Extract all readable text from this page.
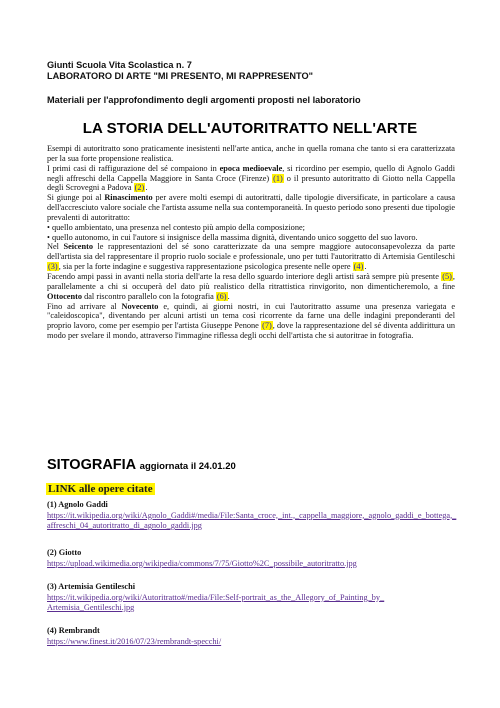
Giunti Scuola Vita Scolastica n. 7
LABORATORO DI ARTE "MI PRESENTO, MI RAPPRESENTO"
Materiali per l'approfondimento degli argomenti proposti nel laboratorio
LA STORIA DELL'AUTORITRATTO NELL'ARTE

Esempi di autoritratto sono praticamente inesistenti nell'arte antica, anche in quella romana che tanto si era caratterizzata per la sua forte propensione realistica.

I primi casi di raffigurazione del sé compaiono in epoca medioevale, si ricordino per esempio, quello di Agnolo Gaddi negli affreschi della Cappella Maggiore in Santa Croce (Firenze) (1) o il presunto autoritratto di Giotto nella Cappella degli Scrovegni a Padova (2).

Si giunge poi al Rinascimento per avere molti esempi di autoritratti, dalle tipologie diversificate, in particolare a causa dell'accresciuto valore sociale che l'artista assume nella sua contemporaneità. In questo periodo sono presenti due tipologie prevalenti di autoritratto:

• quello ambientato, una presenza nel contesto più ampio della composizione;

• quello autonomo, in cui l'autore si insignisce della massima dignità, diventando unico soggetto del suo lavoro.

Nel Seicento le rappresentazioni del sé sono caratterizzate da una sempre maggiore autoconsapevolezza da parte dell'artista sia del rappresentare il proprio ruolo sociale e professionale, uno per tutti l'autoritratto di Artemisia Gentileschi (3), sia per la forte indagine e suggestiva rappresentazione psicologica presente nelle opere (4).

Facendo ampi passi in avanti nella storia dell'arte la resa dello sguardo interiore degli artisti sarà sempre più presente (5), parallelamente a chi si occuperà del dato più realistico della ritrattistica rinvigorito, non dimenticheremolo, a fine Ottocento dal riscontro parallelo con la fotografia (6).

Fino ad arrivare al Novecento e, quindi, ai giorni nostri, in cui l'autoritratto assume una presenza variegata e "caleidoscopica", diventando per alcuni artisti un tema così ricorrente da farne una delle indagini preponderanti del proprio lavoro, come per esempio per l'artista Giuseppe Penone (7), dove la rappresentazione del sé diventa addirittura un modo per svelare il mondo, attraverso l'immagine riflessa degli occhi dell'artista che si autoritrae in fotografia.

SITOGRAFIA aggiornata il 24.01.20
LINK alle opere citate
(1) Agnolo Gaddi
https://it.wikipedia.org/wiki/Agnolo_Gaddi#/media/File:Santa_croce,_int.,_cappella_maggiore,_agnolo_gaddi_e_bottega,_affreschi_04_autoritratto_di_agnolo_gaddi.jpg
(2) Giotto
https://upload.wikimedia.org/wikipedia/commons/7/75/Giotto%2C_possibile_autoritratto.jpg
(3) Artemisia Gentileschi
https://it.wikipedia.org/wiki/Autoritratto#/media/File:Self-portrait_as_the_Allegory_of_Painting_by_Artemisia_Gentileschi.jpg
(4) Rembrandt
https://www.finest.it/2016/07/23/rembrandt-specchi/
